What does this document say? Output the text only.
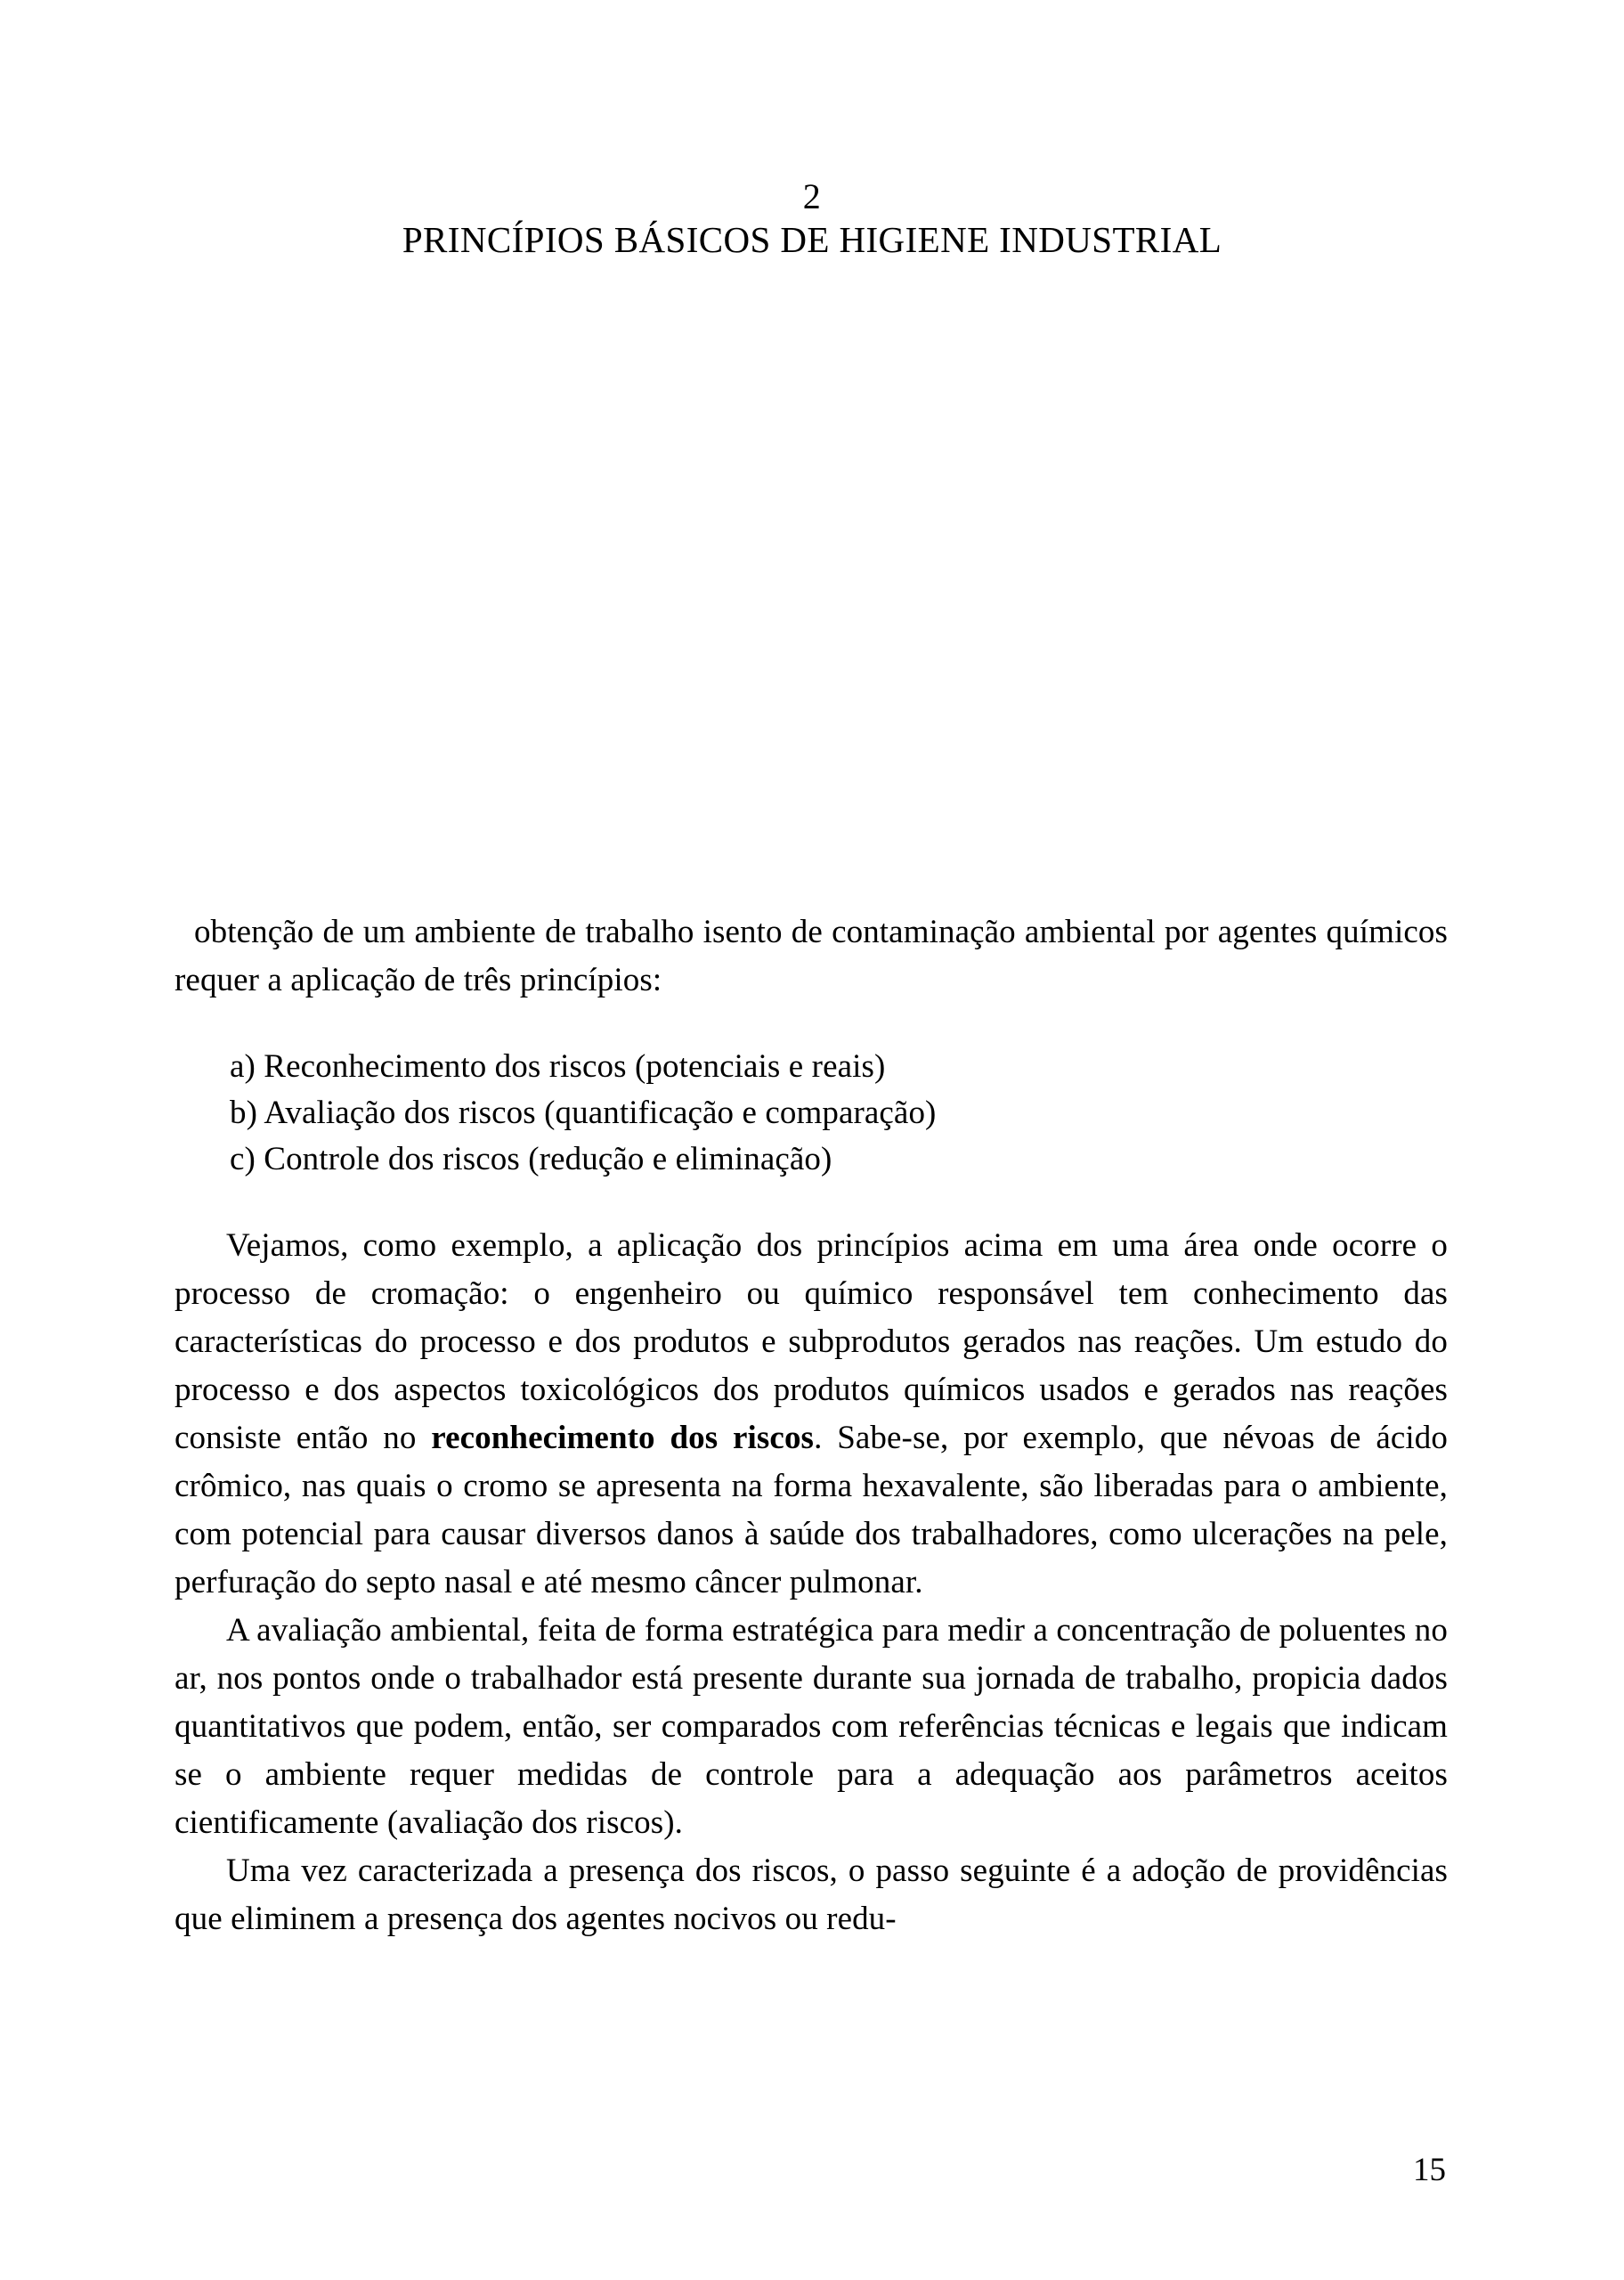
2
PRINCÍPIOS BÁSICOS DE HIGIENE INDUSTRIAL

obtenção de um ambiente de trabalho isento de contaminação ambiental por agentes químicos requer a aplicação de três princípios:

a) Reconhecimento dos riscos (potenciais e reais)
b) Avaliação dos riscos (quantificação e comparação)
c) Controle dos riscos (redução e eliminação)

Vejamos, como exemplo, a aplicação dos princípios acima em uma área onde ocorre o processo de cromação: o engenheiro ou químico responsável tem conhecimento das características do processo e dos produtos e subprodutos gerados nas reações. Um estudo do processo e dos aspectos toxicológicos dos produtos químicos usados e gerados nas reações consiste então no reconhecimento dos riscos. Sabe-se, por exemplo, que névoas de ácido crômico, nas quais o cromo se apresenta na forma hexavalente, são liberadas para o ambiente, com potencial para causar diversos danos à saúde dos trabalhadores, como ulcerações na pele, perfuração do septo nasal e até mesmo câncer pulmonar.

A avaliação ambiental, feita de forma estratégica para medir a concentração de poluentes no ar, nos pontos onde o trabalhador está presente durante sua jornada de trabalho, propicia dados quantitativos que podem, então, ser comparados com referências técnicas e legais que indicam se o ambiente requer medidas de controle para a adequação aos parâmetros aceitos cientificamente (avaliação dos riscos).

Uma vez caracterizada a presença dos riscos, o passo seguinte é a adoção de providências que eliminem a presença dos agentes nocivos ou redu-

15
